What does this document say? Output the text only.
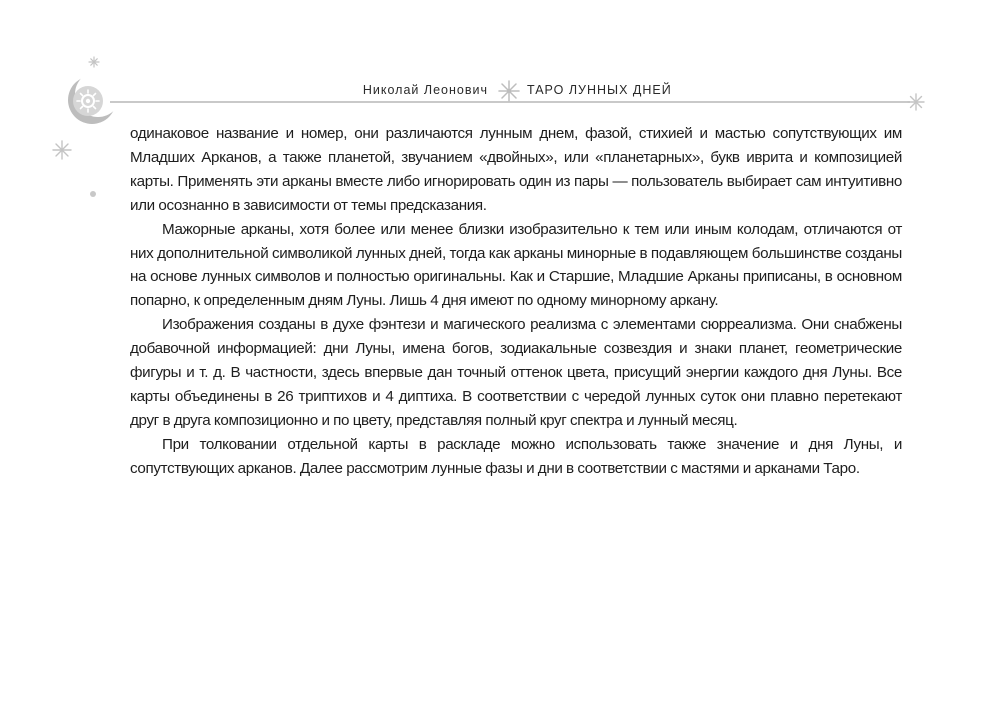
Николай Леонович	ТАРО ЛУННЫХ ДНЕЙ

одинаковое название и номер, они различаются лунным днем, фазой, стихией и мастью сопутствующих им Младших Арканов, а также планетой, звучанием «двойных», или «планетарных», букв иврита и композицией карты. Применять эти арканы вместе либо игнорировать один из пары — пользователь выбирает сам интуитивно или осознанно в зависимости от темы предсказания.

Мажорные арканы, хотя более или менее близки изобразительно к тем или иным колодам, отличаются от них дополнительной символикой лунных дней, тогда как арканы минорные в подавляющем большинстве созданы на основе лунных символов и полностью оригинальны. Как и Старшие, Младшие Арканы приписаны, в основном попарно, к определенным дням Луны. Лишь 4 дня имеют по одному минорному аркану.

Изображения созданы в духе фэнтези и магического реализма с элементами сюрреализма. Они снабжены добавочной информацией: дни Луны, имена богов, зодиакальные созвездия и знаки планет, геометрические фигуры и т. д. В частности, здесь впервые дан точный оттенок цвета, присущий энергии каждого дня Луны. Все карты объединены в 26 триптихов и 4 диптиха. В соответствии с чередой лунных суток они плавно перетекают друг в друга композиционно и по цвету, представляя полный круг спектра и лунный месяц.

При толковании отдельной карты в раскладе можно использовать также значение и дня Луны, и сопутствующих арканов. Далее рассмотрим лунные фазы и дни в соответствии с мастями и арканами Таро.
